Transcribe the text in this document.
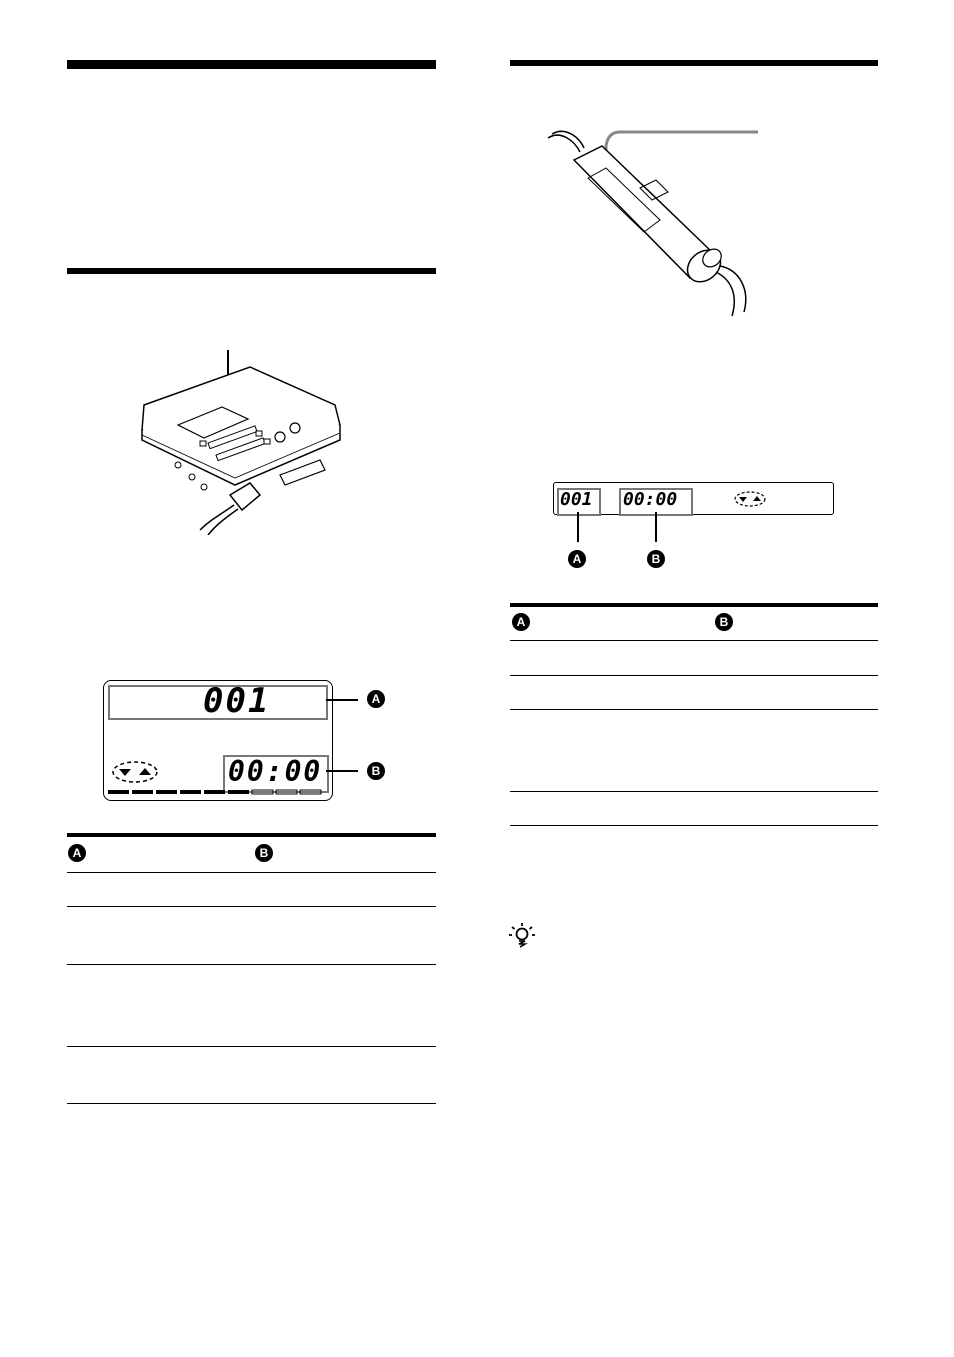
001
00:00
A
B
A	B
001 00:00
A	B
A	B
